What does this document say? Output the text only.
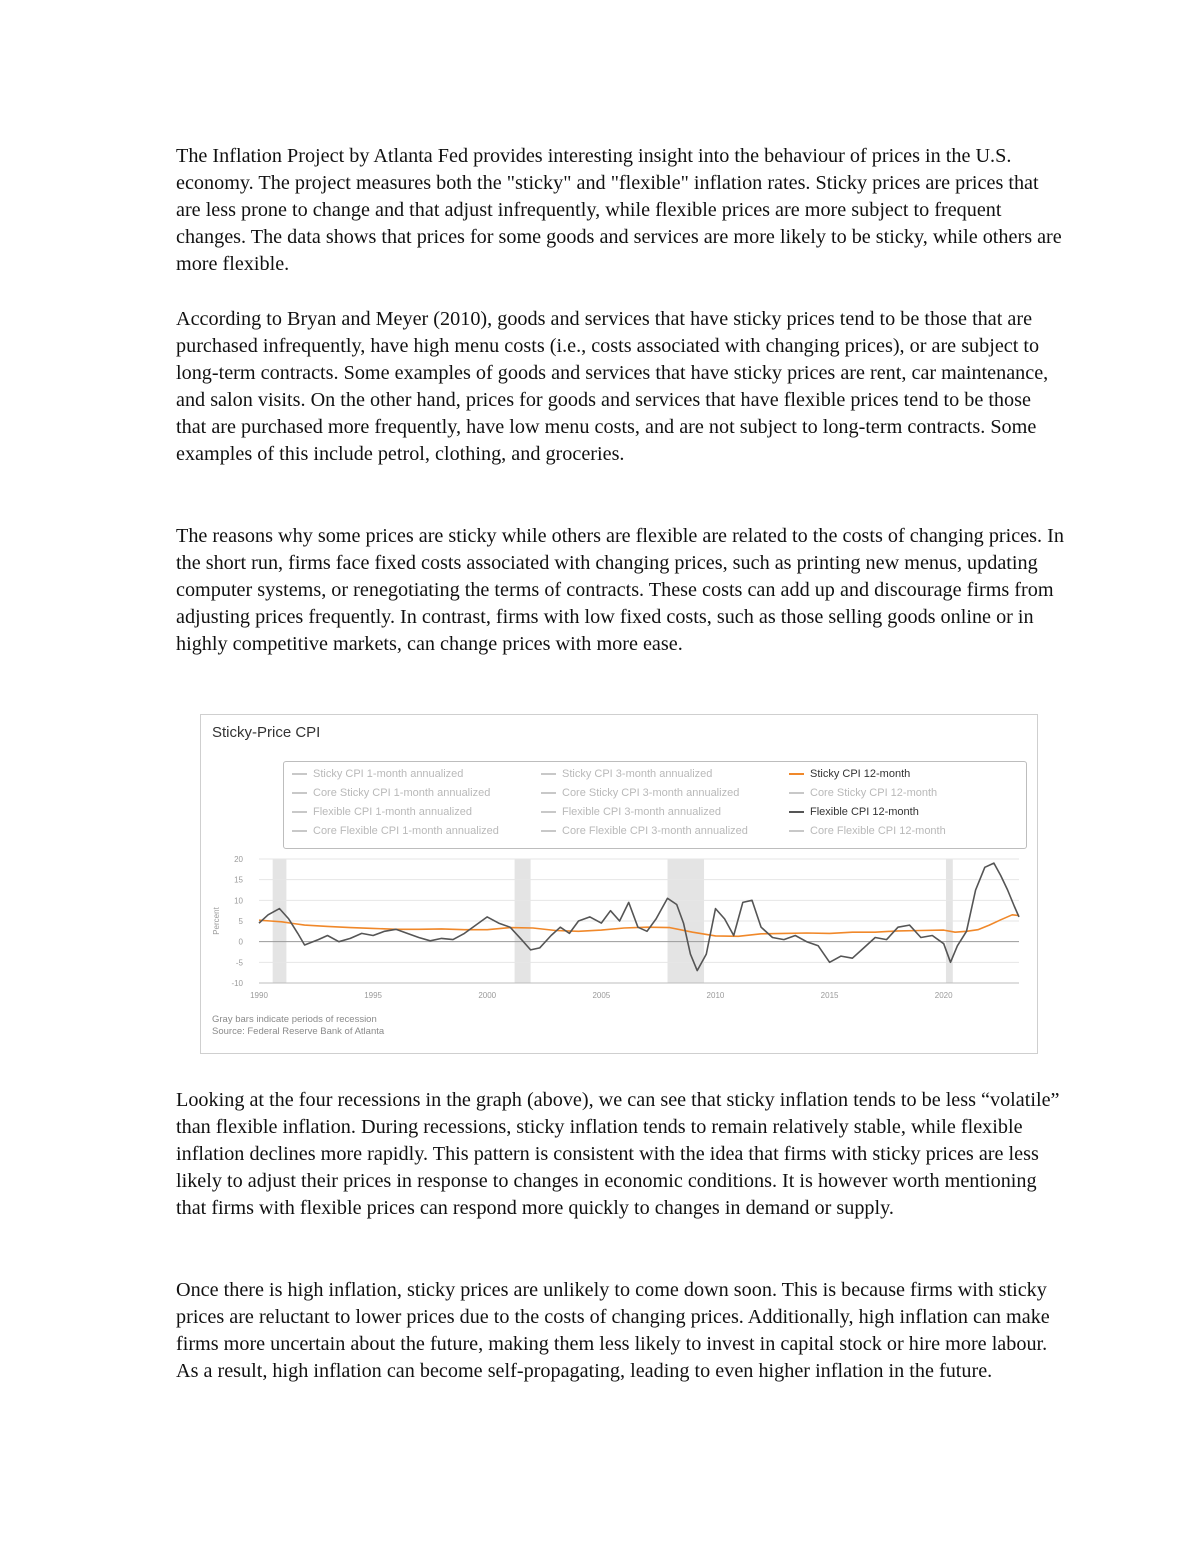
The Inflation Project by Atlanta Fed provides interesting insight into the behaviour of prices in the U.S. economy. The project measures both the "sticky" and "flexible" inflation rates. Sticky prices are prices that are less prone to change and that adjust infrequently, while flexible prices are more subject to frequent changes. The data shows that prices for some goods and services are more likely to be sticky, while others are more flexible.

According to Bryan and Meyer (2010), goods and services that have sticky prices tend to be those that are purchased infrequently, have high menu costs (i.e., costs associated with changing prices), or are subject to long-term contracts. Some examples of goods and services that have sticky prices are rent, car maintenance, and salon visits. On the other hand, prices for goods and services that have flexible prices tend to be those that are purchased more frequently, have low menu costs, and are not subject to long-term contracts. Some examples of this include petrol, clothing, and groceries.

The reasons why some prices are sticky while others are flexible are related to the costs of changing prices. In the short run, firms face fixed costs associated with changing prices, such as printing new menus, updating computer systems, or renegotiating the terms of contracts. These costs can add up and discourage firms from adjusting prices frequently. In contrast, firms with low fixed costs, such as those selling goods online or in highly competitive markets, can change prices with more ease.

Sticky-Price CPI
Sticky CPI 1-month annualized	Sticky CPI 3-month annualized	Sticky CPI 12-month
Core Sticky CPI 1-month annualized	Core Sticky CPI 3-month annualized	Core Sticky CPI 12-month
Flexible CPI 1-month annualized	Flexible CPI 3-month annualized	Flexible CPI 12-month
Core Flexible CPI 1-month annualized	Core Flexible CPI 3-month annualized	Core Flexible CPI 12-month
-10
-5
0
5
10
15
20
1990	1995	2000	2005	2010	2015	2020
Percent
Gray bars indicate periods of recession
Source: Federal Reserve Bank of Atlanta

Looking at the four recessions in the graph (above), we can see that sticky inflation tends to be less “volatile” than flexible inflation. During recessions, sticky inflation tends to remain relatively stable, while flexible inflation declines more rapidly. This pattern is consistent with the idea that firms with sticky prices are less likely to adjust their prices in response to changes in economic conditions. It is however worth mentioning that firms with flexible prices can respond more quickly to changes in demand or supply.

Once there is high inflation, sticky prices are unlikely to come down soon. This is because firms with sticky prices are reluctant to lower prices due to the costs of changing prices. Additionally, high inflation can make firms more uncertain about the future, making them less likely to invest in capital stock or hire more labour. As a result, high inflation can become self-propagating, leading to even higher inflation in the future.
